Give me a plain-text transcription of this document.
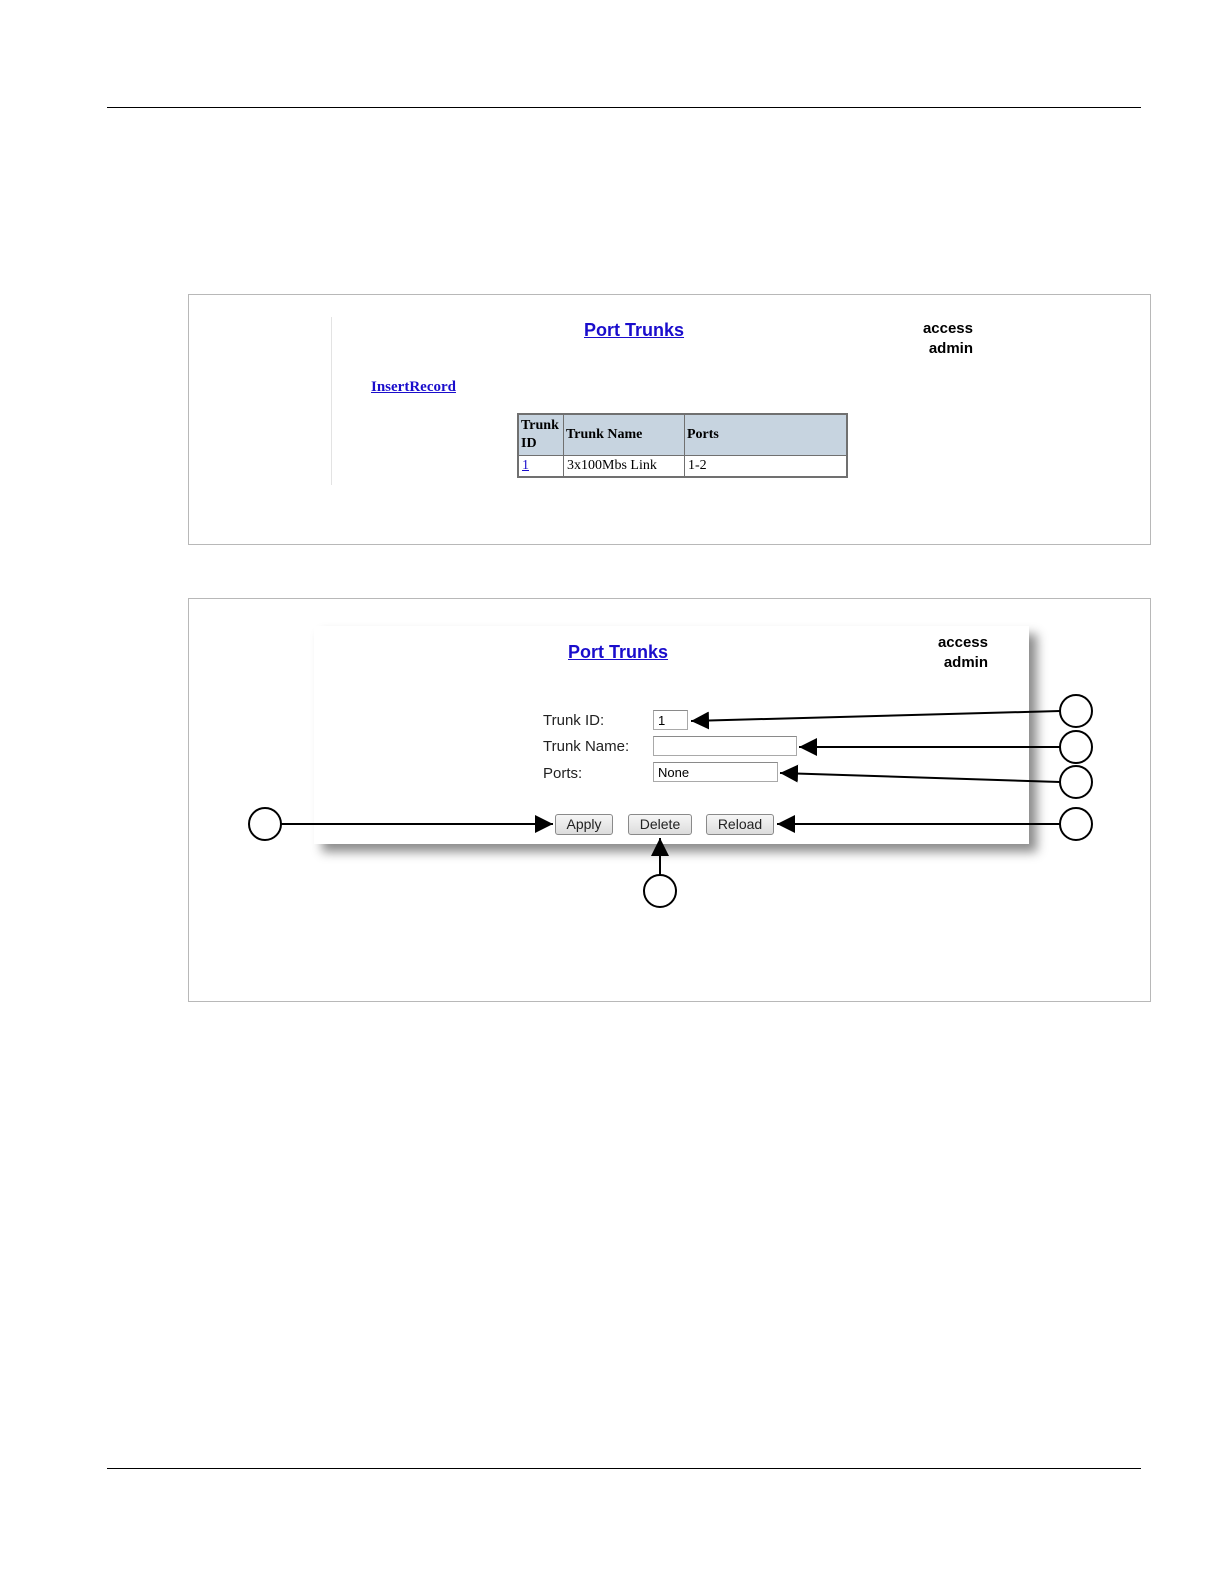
Port Trunks	access
admin
InsertRecord
Trunk
ID	Trunk Name	Ports
1	3x100Mbs Link	1-2
Port Trunks	access
admin
Trunk ID:	1
Trunk Name:
Ports:	None
Apply	Delete	Reload
